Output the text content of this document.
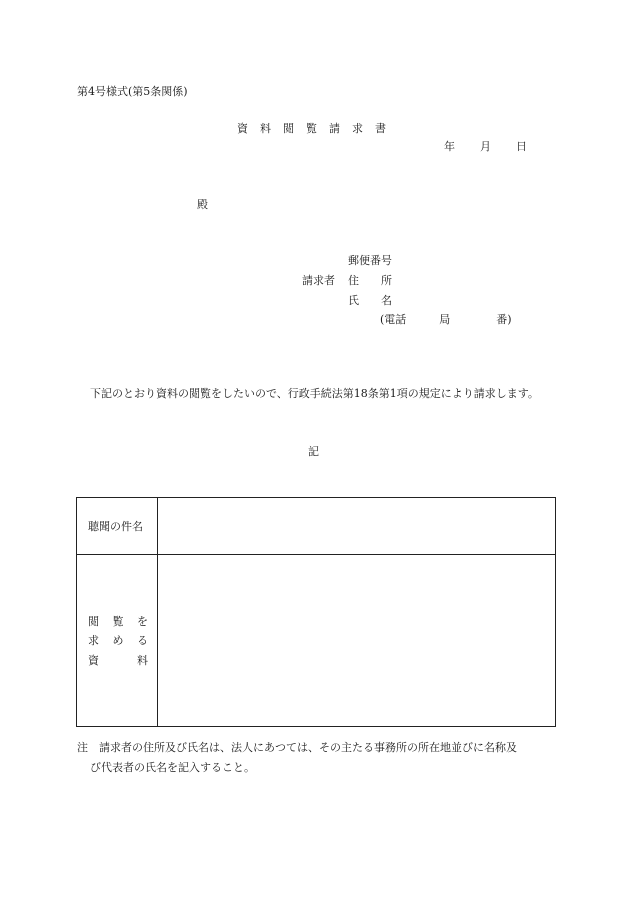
第4号様式(第5条関係)
資 料 閲 覧 請 求 書
年 月 日
殿
郵便番号
請求者 住　　所
氏　　名
(電話	局	番)
下記のとおり資料の閲覧をしたいので、行政手続法第18条第1項の規定により請求します。
記
聴聞の件名
閲 覧 を
求 め る
資	料
注　請求者の住所及び氏名は、法人にあつては、その主たる事務所の所在地並びに名称及
び代表者の氏名を記入すること。
